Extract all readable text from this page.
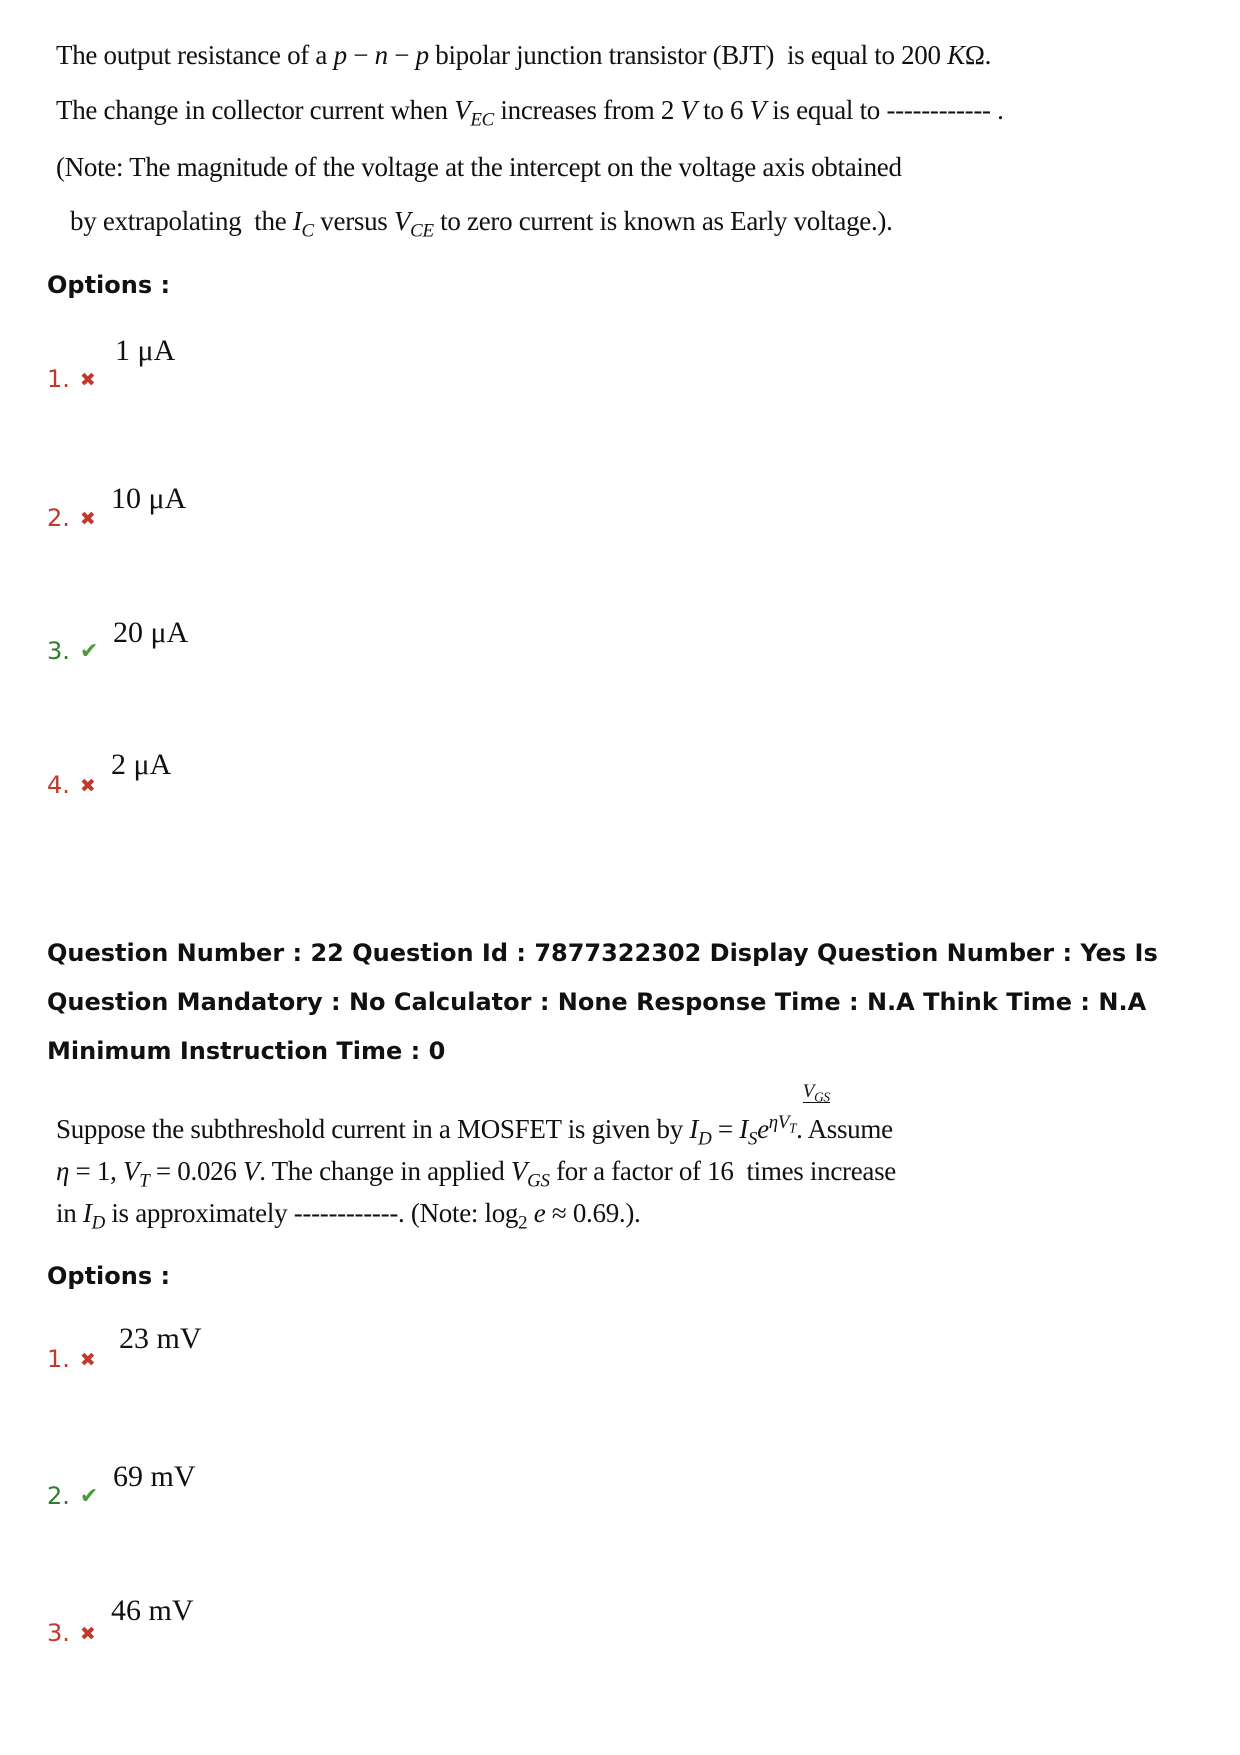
The output resistance of a p − n − p bipolar junction transistor (BJT)  is equal to 200 KΩ.
The change in collector current when $V_{EC}$ increases from 2 V to 6 V is equal to ------------ .
(Note: The magnitude of the voltage at the intercept on the voltage axis obtained
by extrapolating  the $I_C$ versus $V_{CE}$ to zero current is known as Early voltage.).
Options :
1. ✖
1 μA
2. ✖
10 μA
3. ✔
20 μA
4. ✖
2 μA
Question Number : 22 Question Id : 7877322302 Display Question Number : Yes Is Question Mandatory : No Calculator : None Response Time : N.A Think Time : N.A Minimum Instruction Time : 0
Suppose the subthreshold current in a MOSFET is given by $I_D = I_Se$
$V_{GS}$
$^{\eta V_T}$. Assume
η = 1, $V_T = 0.026$ V. The change in applied $V_{GS}$ for a factor of 16  times increase
in $I_D$ is approximately ------------. (Note: $\log_2 e \approx 0.69$.).
Options :
1. ✖
23 mV
2. ✔
69 mV
3. ✖
46 mV
